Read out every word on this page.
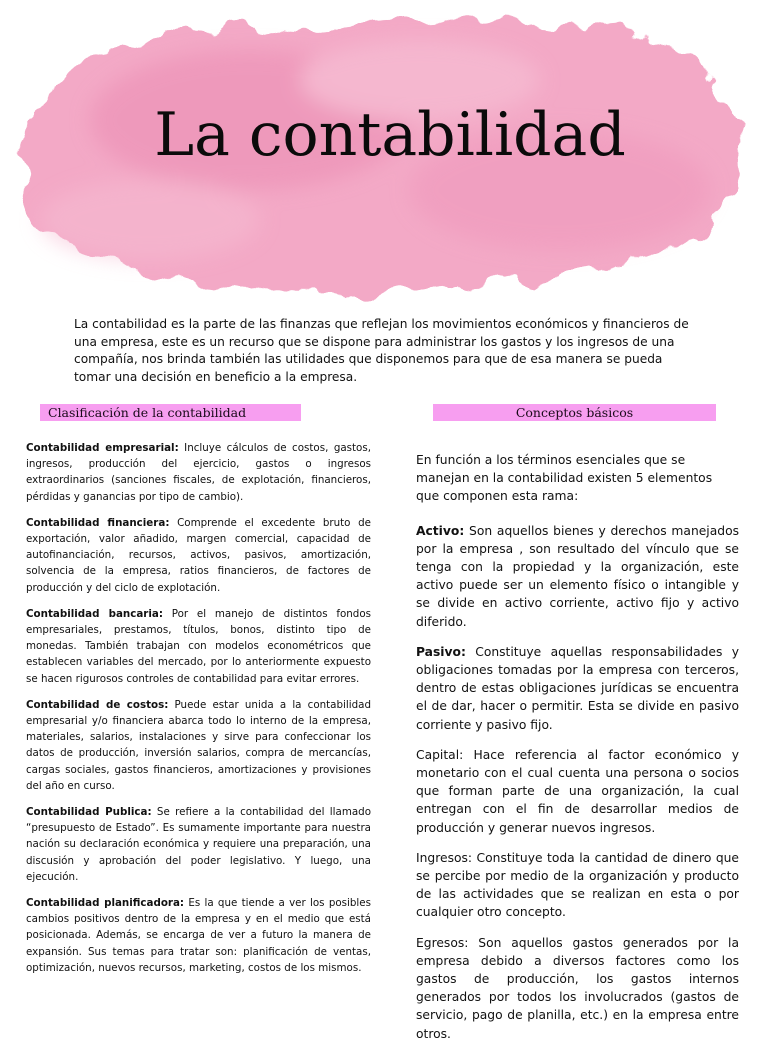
La contabilidad

La contabilidad es la parte de las finanzas que reflejan los movimientos económicos y financieros de una empresa, este es un recurso que se dispone para administrar los gastos y los ingresos de una compañía, nos brinda también las utilidades que disponemos para que de esa manera se pueda tomar una decisión en beneficio a la empresa.

Clasificación de la contabilidad	Conceptos básicos

Contabilidad empresarial: Incluye cálculos de costos, gastos, ingresos, producción del ejercicio, gastos o ingresos extraordinarios (sanciones fiscales, de explotación, financieros, pérdidas y ganancias por tipo de cambio).

Contabilidad financiera: Comprende el excedente bruto de exportación, valor añadido, margen comercial, capacidad de autofinanciación, recursos, activos, pasivos, amortización, solvencia de la empresa, ratios financieros, de factores de producción y del ciclo de explotación.

Contabilidad bancaria: Por el manejo de distintos fondos empresariales, prestamos, títulos, bonos, distinto tipo de monedas. También trabajan con modelos econométricos que establecen variables del mercado, por lo anteriormente expuesto se hacen rigurosos controles de contabilidad para evitar errores.

Contabilidad de costos: Puede estar unida a la contabilidad empresarial y/o financiera abarca todo lo interno de la empresa, materiales, salarios, instalaciones y sirve para confeccionar los datos de producción, inversión salarios, compra de mercancías, cargas sociales, gastos financieros, amortizaciones y provisiones del año en curso.

Contabilidad Publica: Se refiere a la contabilidad del llamado “presupuesto de Estado”. Es sumamente importante para nuestra nación su declaración económica y requiere una preparación, una discusión y aprobación del poder legislativo. Y luego, una ejecución.

Contabilidad planificadora: Es la que tiende a ver los posibles cambios positivos dentro de la empresa y en el medio que está posicionada. Además, se encarga de ver a futuro la manera de expansión. Sus temas para tratar son: planificación de ventas, optimización, nuevos recursos, marketing, costos de los mismos.

En función a los términos esenciales que se manejan en la contabilidad existen 5 elementos que componen esta rama:

Activo: Son aquellos bienes y derechos manejados por la empresa , son resultado del vínculo que se tenga con la propiedad y la organización, este activo puede ser un elemento físico o intangible y se divide en activo corriente, activo fijo y activo diferido.

Pasivo: Constituye aquellas responsabilidades y obligaciones tomadas por la empresa con terceros, dentro de estas obligaciones jurídicas se encuentra el de dar, hacer o permitir. Esta se divide en pasivo corriente y pasivo fijo.

Capital: Hace referencia al factor económico y monetario con el cual cuenta una persona o socios que forman parte de una organización, la cual entregan con el fin de desarrollar medios de producción y generar nuevos ingresos.

Ingresos: Constituye toda la cantidad de dinero que se percibe por medio de la organización y producto de las actividades que se realizan en esta o por cualquier otro concepto.

Egresos: Son aquellos gastos generados por la empresa debido a diversos factores como los gastos de producción, los gastos internos generados por todos los involucrados (gastos de servicio, pago de planilla, etc.) en la empresa entre otros.
